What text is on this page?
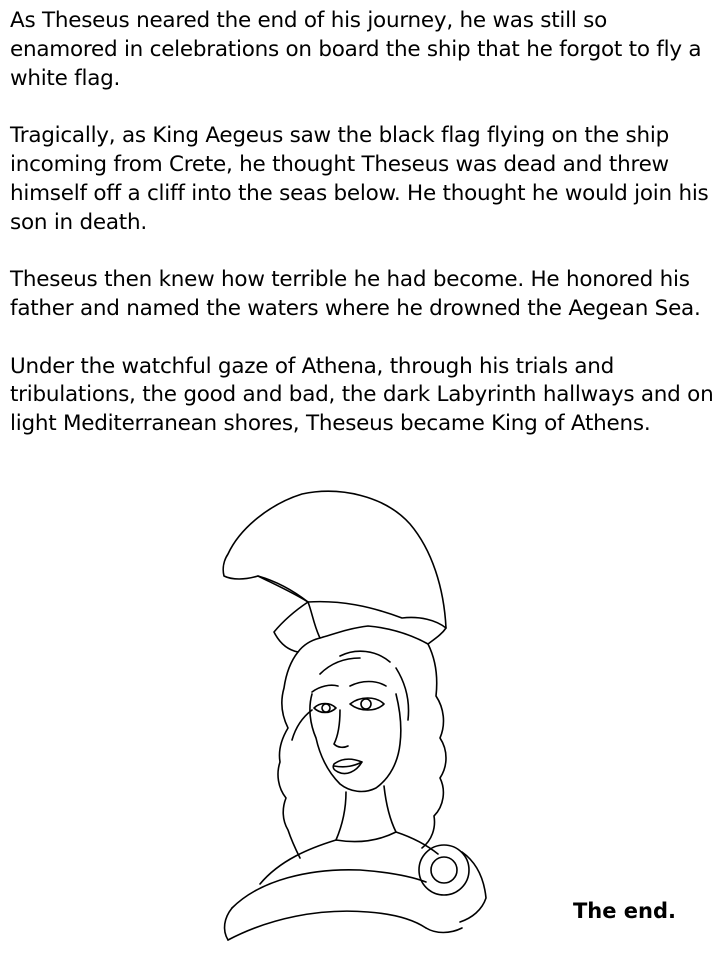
As Theseus neared the end of his journey, he was still so enamored in celebrations on board the ship that he forgot to fly a white flag.

Tragically, as King Aegeus saw the black flag flying on the ship incoming from Crete, he thought Theseus was dead and threw himself off a cliff into the seas below. He thought he would join his son in death.

Theseus then knew how terrible he had become. He honored his father and named the waters where he drowned the Aegean Sea.

Under the watchful gaze of Athena, through his trials and tribulations, the good and bad, the dark Labyrinth hallways and on light Mediterranean shores, Theseus became King of Athens.

The end.
